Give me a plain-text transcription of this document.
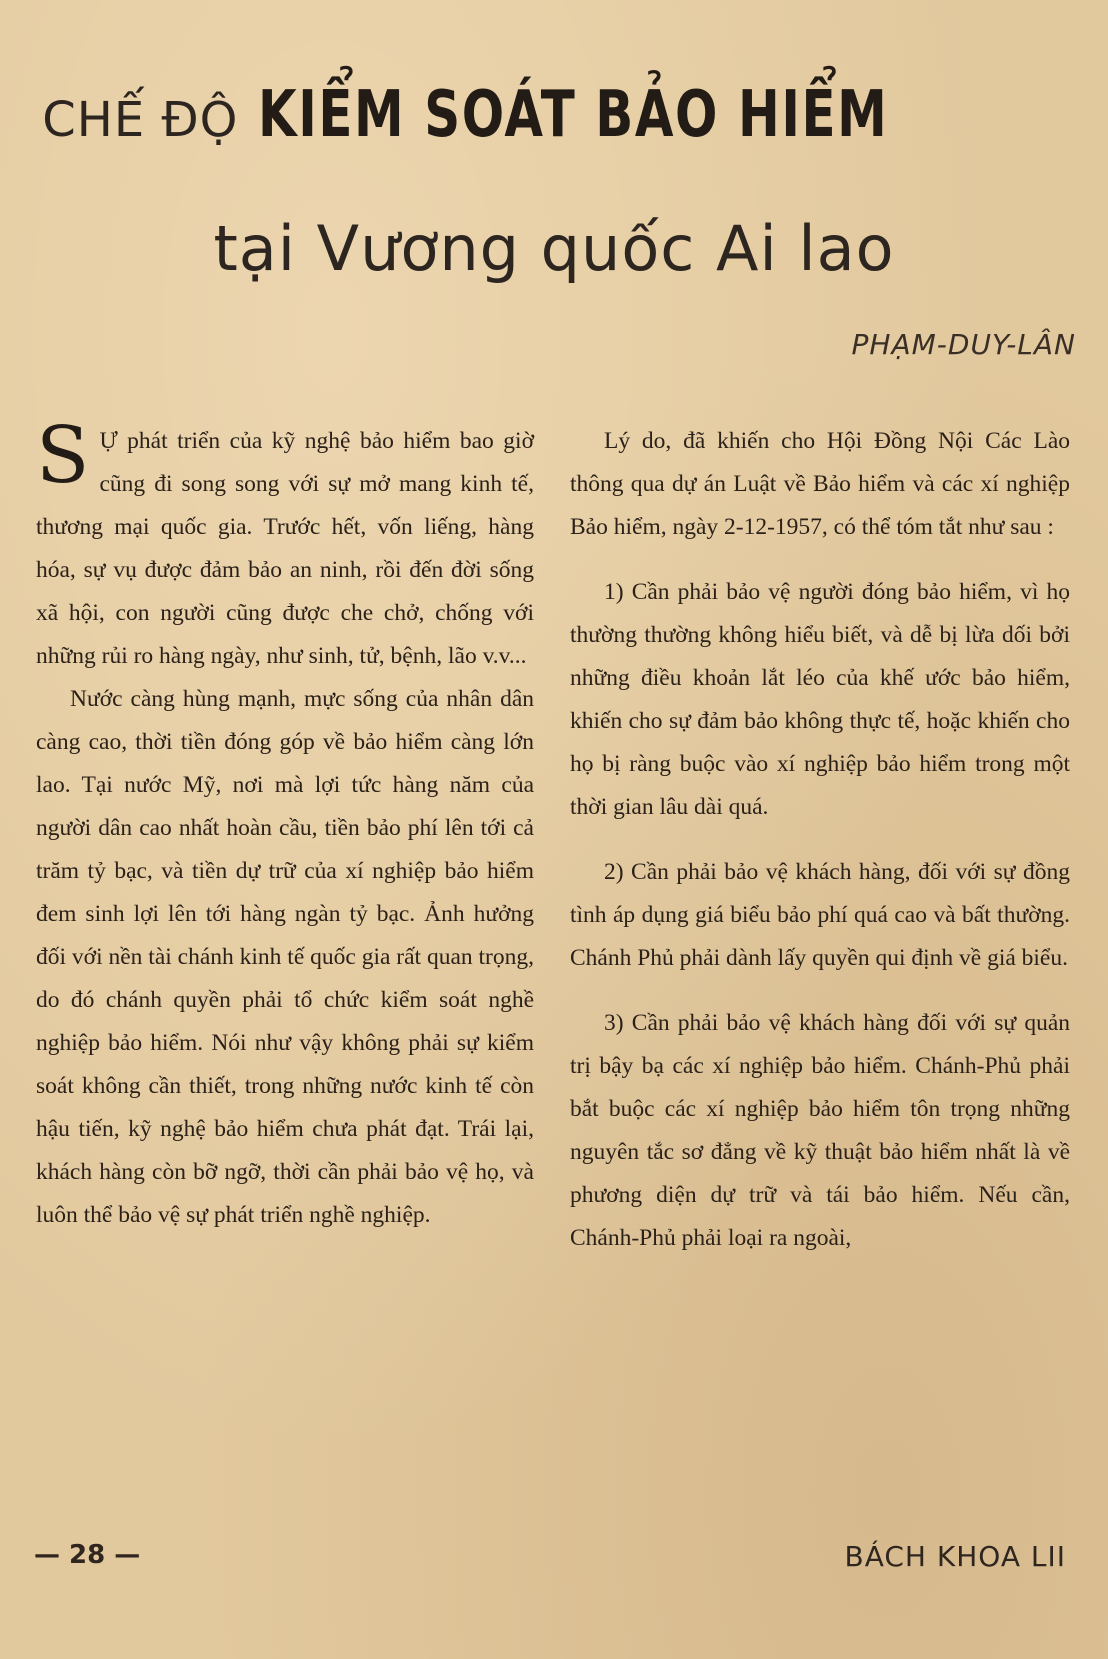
CHẾ ĐỘ KIỂM SOÁT BẢO HIỂM
tại Vương quốc Ai lao
PHẠM-DUY-LÂN

S Ự phát triển của kỹ nghệ bảo hiểm bao giờ cũng đi song song với sự mở mang kinh tế, thương mại quốc gia. Trước hết, vốn liếng, hàng hóa, sự vụ được đảm bảo an ninh, rồi đến đời sống xã hội, con người cũng được che chở, chống với những rủi ro hàng ngày, như sinh, tử, bệnh, lão v.v...

Nước càng hùng mạnh, mực sống của nhân dân càng cao, thời tiền đóng góp về bảo hiểm càng lớn lao. Tại nước Mỹ, nơi mà lợi tức hàng năm của người dân cao nhất hoàn cầu, tiền bảo phí lên tới cả trăm tỷ bạc, và tiền dự trữ của xí nghiệp bảo hiểm đem sinh lợi lên tới hàng ngàn tỷ bạc. Ảnh hưởng đối với nền tài chánh kinh tế quốc gia rất quan trọng, do đó chánh quyền phải tổ chức kiểm soát nghề nghiệp bảo hiểm. Nói như vậy không phải sự kiểm soát không cần thiết, trong những nước kinh tế còn hậu tiến, kỹ nghệ bảo hiểm chưa phát đạt. Trái lại, khách hàng còn bỡ ngỡ, thời cần phải bảo vệ họ, và luôn thể bảo vệ sự phát triển nghề nghiệp.

Lý do, đã khiến cho Hội Đồng Nội Các Lào thông qua dự án Luật về Bảo hiểm và các xí nghiệp Bảo hiểm, ngày 2-12-1957, có thể tóm tắt như sau :

1) Cần phải bảo vệ người đóng bảo hiểm, vì họ thường thường không hiểu biết, và dễ bị lừa dối bởi những điều khoản lắt léo của khế ước bảo hiểm, khiến cho sự đảm bảo không thực tế, hoặc khiến cho họ bị ràng buộc vào xí nghiệp bảo hiểm trong một thời gian lâu dài quá.

2) Cần phải bảo vệ khách hàng, đối với sự đồng tình áp dụng giá biểu bảo phí quá cao và bất thường. Chánh Phủ phải dành lấy quyền qui định về giá biểu.

3) Cần phải bảo vệ khách hàng đối với sự quản trị bậy bạ các xí nghiệp bảo hiểm. Chánh-Phủ phải bắt buộc các xí nghiệp bảo hiểm tôn trọng những nguyên tắc sơ đẳng về kỹ thuật bảo hiểm nhất là về phương diện dự trữ và tái bảo hiểm. Nếu cần, Chánh-Phủ phải loại ra ngoài,

— 28 —	BÁCH KHOA LII
